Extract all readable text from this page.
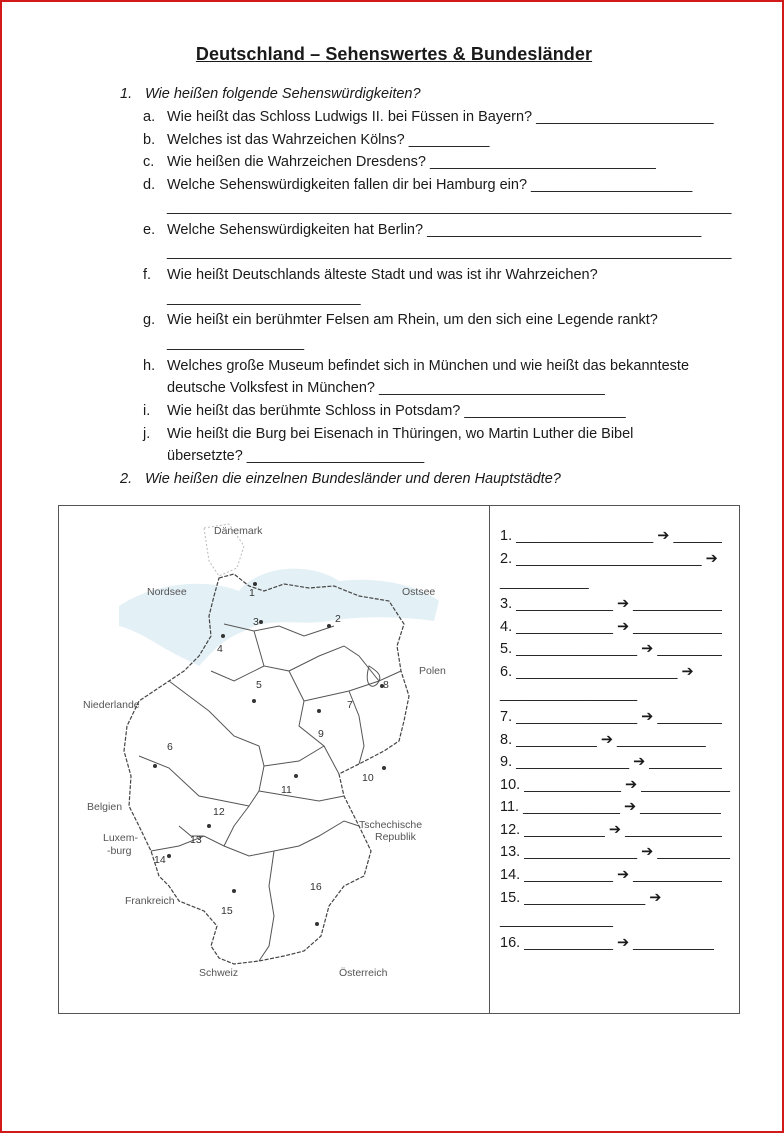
Deutschland – Sehenswertes & Bundesländer
1. Wie heißen folgende Sehenswürdigkeiten?
a. Wie heißt das Schloss Ludwigs II. bei Füssen in Bayern? ______________________
b. Welches ist das Wahrzeichen Kölns? __________
c. Wie heißen die Wahrzeichen Dresdens? ____________________________
d. Welche Sehenswürdigkeiten fallen dir bei Hamburg ein? ____________________
______________________________________________________________________
e. Welche Sehenswürdigkeiten hat Berlin? __________________________________
______________________________________________________________________
f. Wie heißt Deutschlands älteste Stadt und was ist ihr Wahrzeichen?
________________________
g. Wie heißt ein berühmter Felsen am Rhein, um den sich eine Legende rankt?
_________________
h. Welches große Museum befindet sich in München und wie heißt das bekannteste
deutsche Volksfest in München? ____________________________
i. Wie heißt das berühmte Schloss in Potsdam? ____________________
j. Wie heißt die Burg bei Eisenach in Thüringen, wo Martin Luther die Bibel
übersetzte? ______________________
2. Wie heißen die einzelnen Bundesländer und deren Hauptstädte?
Dänemark
Nordsee	Ostsee
Polen
Niederlande
Belgien
Luxem-
-burg
Tschechische
Republik
Frankreich
Schweiz	Österreich
1
2
3
4
5
6
7
8
9
10
11
12
13
14
15
16
1. _________________ ➔ ______
2. _______________________ ➔
___________
3. ____________ ➔ ___________
4. ____________ ➔ ___________
5. _______________ ➔ ________
6. ____________________ ➔
_________________
7. _______________ ➔ ________
8. __________ ➔ ___________
9. ______________ ➔ _________
10. ____________ ➔ ___________
11. ____________ ➔ __________
12. __________ ➔ ____________
13. ______________ ➔ _________
14. ___________ ➔ ___________
15. _______________ ➔
______________
16. ___________ ➔ __________
